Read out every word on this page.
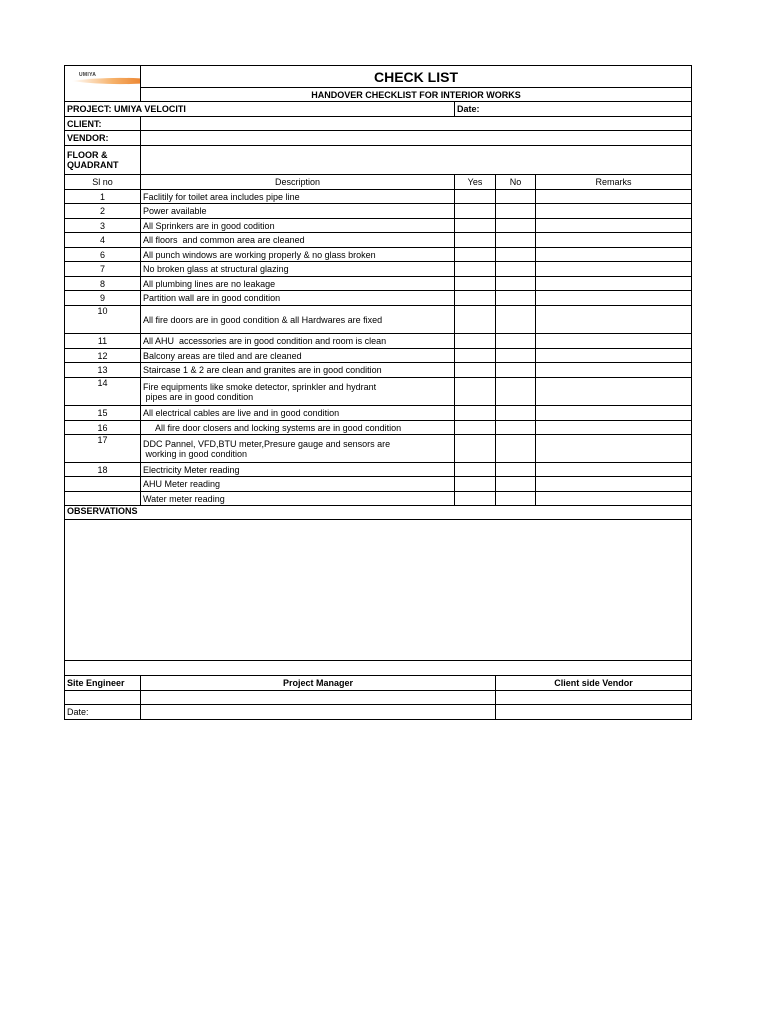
UMIYA	CHECK LIST			
	HANDOVER CHECKLIST FOR INTERIOR WORKS			
PROJECT: UMIYA VELOCITI		Date:		
CLIENT:				
VENDOR:				
FLOOR &
QUADRANT				
Sl no	Description	Yes	No	Remarks
1	Faclitily for toilet area includes pipe line			
2	Power available			
3	All Sprinkers are in good codition			
4	All floors  and common area are cleaned			
6	All punch windows are working properly & no glass broken			
7	No broken glass at structural glazing			
8	All plumbing lines are no leakage			
9	Partition wall are in good condition			
10	All fire doors are in good condition & all Hardwares are fixed			
11	All AHU  accessories are in good condition and room is clean			
12	Balcony areas are tiled and are cleaned			
13	Staircase 1 & 2 are clean and granites are in good condition			
14	Fire equipments like smoke detector, sprinkler and hydrant
pipes are in good condition			

15	All electrical cables are live and in good condition			
16	All fire door closers and locking systems are in good condition			
17	DDC Pannel, VFD,BTU meter,Presure gauge and sensors are
working in good condition			

18	Electricity Meter reading			
	AHU Meter reading			
	Water meter reading			
OBSERVATIONS				

Site Engineer	Project Manager		Client side Vendor	

Date:				
